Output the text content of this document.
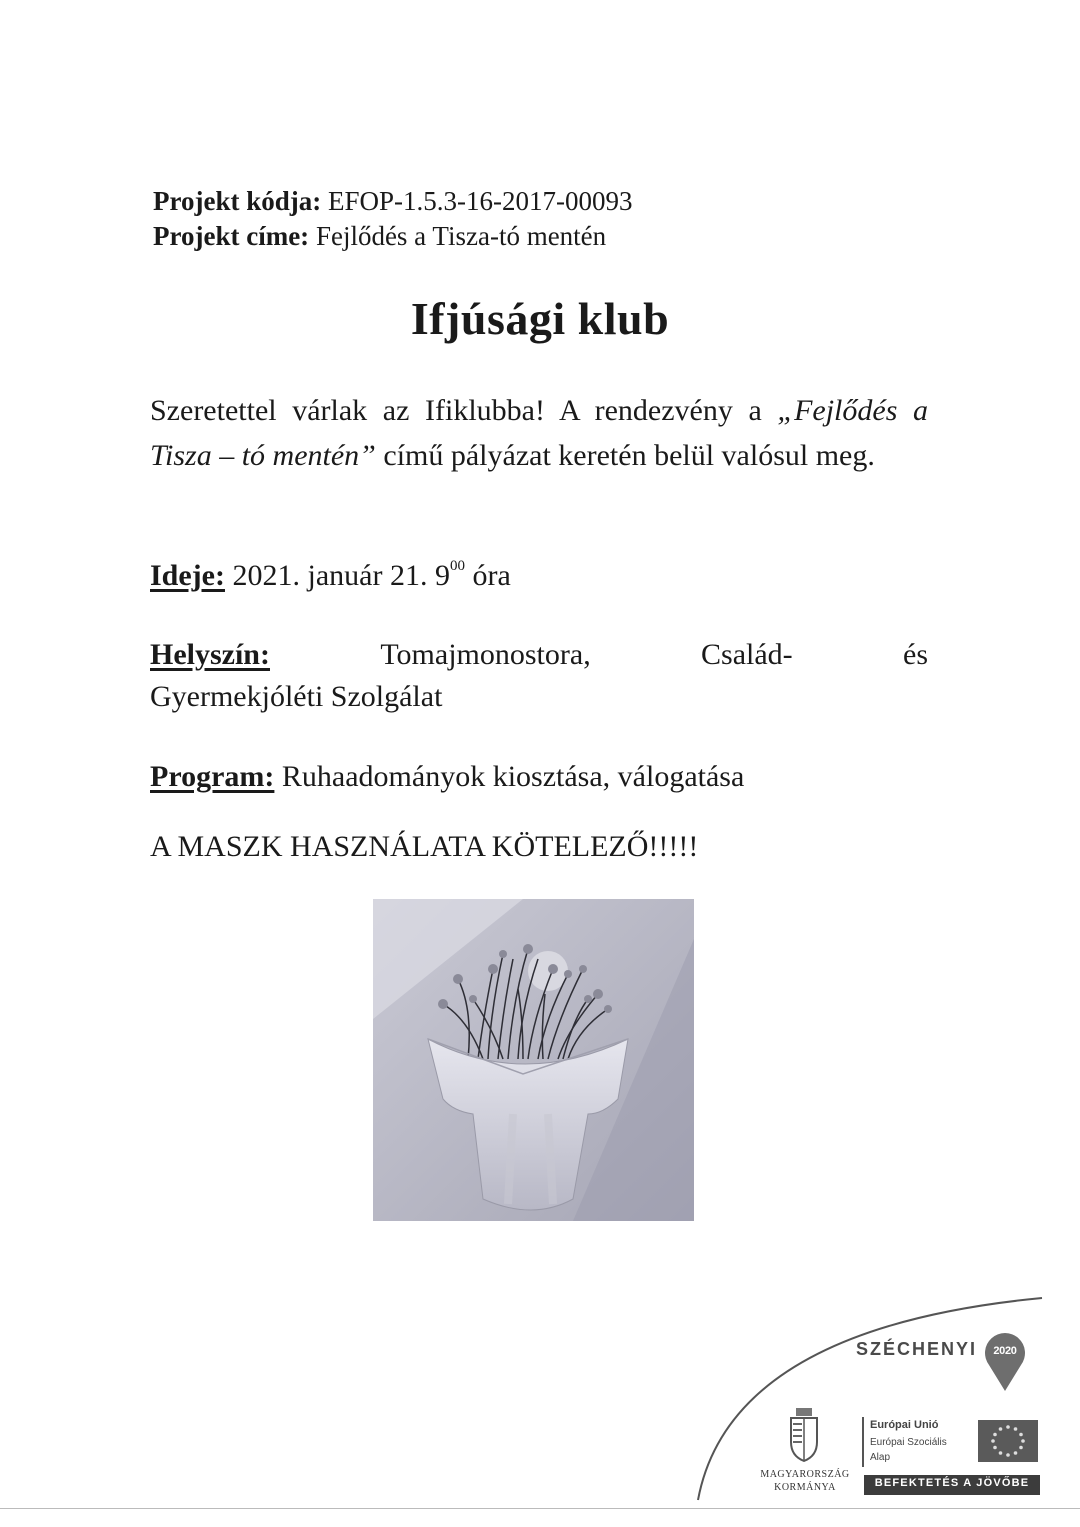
Projekt kódja: EFOP-1.5.3-16-2017-00093
Projekt címe: Fejlődés a Tisza-tó mentén
Ifjúsági klub
Szeretettel várlak az Ifiklubba! A rendezvény a „Fejlődés a Tisza – tó mentén” című pályázat keretén belül valósul meg.
Ideje: 2021. január 21. $9^{00}$ óra
Helyszín:	Tomajmonostora,	Család-	és
Gyermekjóléti Szolgálat
Program: Ruhaadományok kiosztása, válogatása
A MASZK HASZNÁLATA KÖTELEZŐ!!!!!
SZÉCHENYI	2020
MAGYARORSZÁG
KORMÁNYA
Európai Unió
Európai Szociális
Alap
BEFEKTETÉS A JÖVŐBE
